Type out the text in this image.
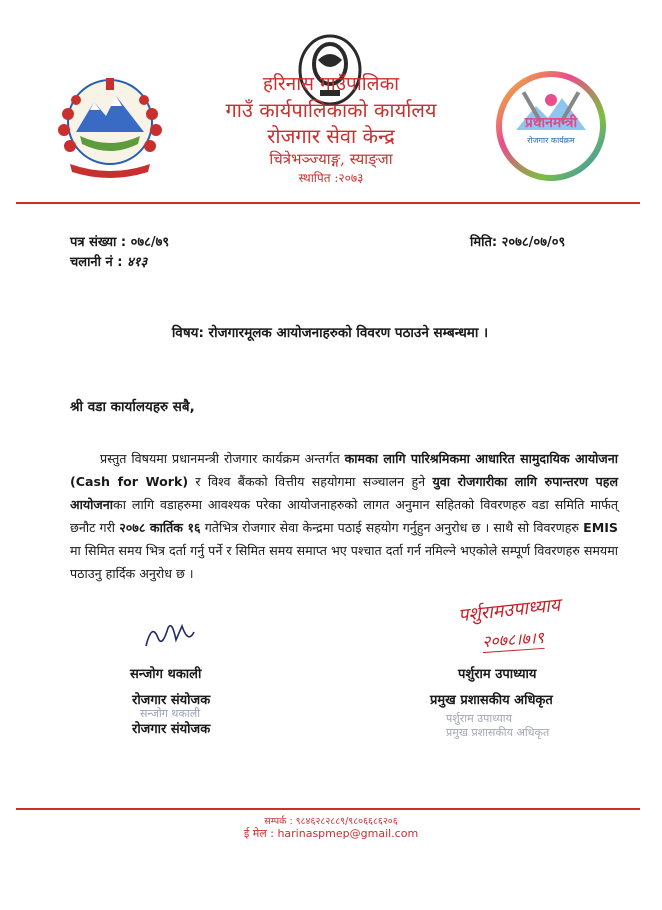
प्रधानमन्त्री
रोजगार कार्यक्रम
हरिनास गाउँपालिका
गाउँ कार्यपालिकाको कार्यालय
रोजगार सेवा केन्द्र
चित्रेभञ्ज्याङ्ग, स्याङ्जा
स्थापित :२०७३
पत्र संख्या : ०७८/७९
चलानी नं : ४१३
मिति: २०७८/०७/०९
विषय: रोजगारमूलक आयोजनाहरुको विवरण पठाउने सम्बन्धमा ।
श्री वडा कार्यालयहरु सबै,
प्रस्तुत विषयमा प्रधानमन्त्री रोजगार कार्यक्रम अन्तर्गत कामका लागि पारिश्रमिकमा आधारित सामुदायिक आयोजना (Cash for Work) र विश्व बैंकको वित्तीय सहयोगमा सञ्चालन हुने युवा रोजगारीका लागि रुपान्तरण पहल आयोजनाका लागि वडाहरुमा आवश्यक परेका आयोजनाहरुको लागत अनुमान सहितको विवरणहरु वडा समिति मार्फत् छनौट गरी २०७८ कार्तिक १६ गतेभित्र रोजगार सेवा केन्द्रमा पठाई सहयोग गर्नुहुन अनुरोध छ । साथै सो विवरणहरु EMIS मा सिमित समय भित्र दर्ता गर्नु पर्ने र सिमित समय समाप्त भए पश्चात दर्ता गर्न नमिल्ने भएकोले सम्पूर्ण विवरणहरु समयमा पठाउनु हार्दिक अनुरोध छ ।
सन्जोग थकाली
रोजगार संयोजक
सन्जोग थकाली
रोजगार संयोजक
पर्शुरामउपाध्याय
२०७८।७।९
पर्शुराम उपाध्याय
प्रमुख प्रशासकीय अधिकृत
पर्शुराम उपाध्याय
प्रमुख प्रशासकीय अधिकृत
सम्पर्क : ९८४६२८२८८९/९८०६६८६२०६
ई मेल : harinaspmep@gmail.com
